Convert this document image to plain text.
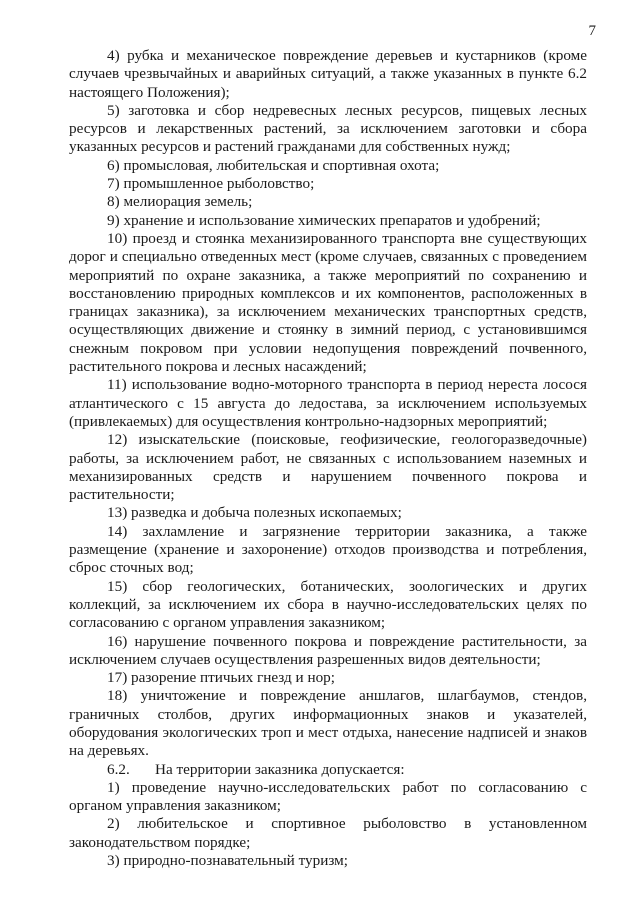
7

4) рубка и механическое повреждение деревьев и кустарников (кроме случаев чрезвычайных и аварийных ситуаций, а также указанных в пункте 6.2 настоящего Положения);

5) заготовка и сбор недревесных лесных ресурсов, пищевых лесных ресурсов и лекарственных растений, за исключением заготовки и сбора указанных ресурсов и растений гражданами для собственных нужд;

6) промысловая, любительская и спортивная охота;

7) промышленное рыболовство;

8) мелиорация земель;

9) хранение и использование химических препаратов и удобрений;

10) проезд и стоянка механизированного транспорта вне существующих дорог и специально отведенных мест (кроме случаев, связанных с проведением мероприятий по охране заказника, а также мероприятий по сохранению и восстановлению природных комплексов и их компонентов, расположенных в границах заказника), за исключением механических транспортных средств, осуществляющих движение и стоянку в зимний период, с установившимся снежным покровом при условии недопущения повреждений почвенного, растительного покрова и лесных насаждений;

11) использование водно-моторного транспорта в период нереста лосося атлантического с 15 августа до ледостава, за исключением используемых (привлекаемых) для осуществления контрольно-надзорных мероприятий;

12) изыскательские (поисковые, геофизические, геологоразведочные) работы, за исключением работ, не связанных с использованием наземных и механизированных средств и нарушением почвенного покрова и растительности;

13) разведка и добыча полезных ископаемых;

14) захламление и загрязнение территории заказника, а также размещение (хранение и захоронение) отходов производства и потребления, сброс сточных вод;

15) сбор геологических, ботанических, зоологических и других коллекций, за исключением их сбора в научно-исследовательских целях по согласованию с органом управления заказником;

16) нарушение почвенного покрова и повреждение растительности, за исключением случаев осуществления разрешенных видов деятельности;

17) разорение птичьих гнезд и нор;

18) уничтожение и повреждение аншлагов, шлагбаумов, стендов, граничных столбов, других информационных знаков и указателей, оборудования экологических троп и мест отдыха, нанесение надписей и знаков на деревьях.

6.2. На территории заказника допускается:

1) проведение научно-исследовательских работ по согласованию с органом управления заказником;

2) любительское и спортивное рыболовство в установленном законодательством порядке;

3) природно-познавательный туризм;
